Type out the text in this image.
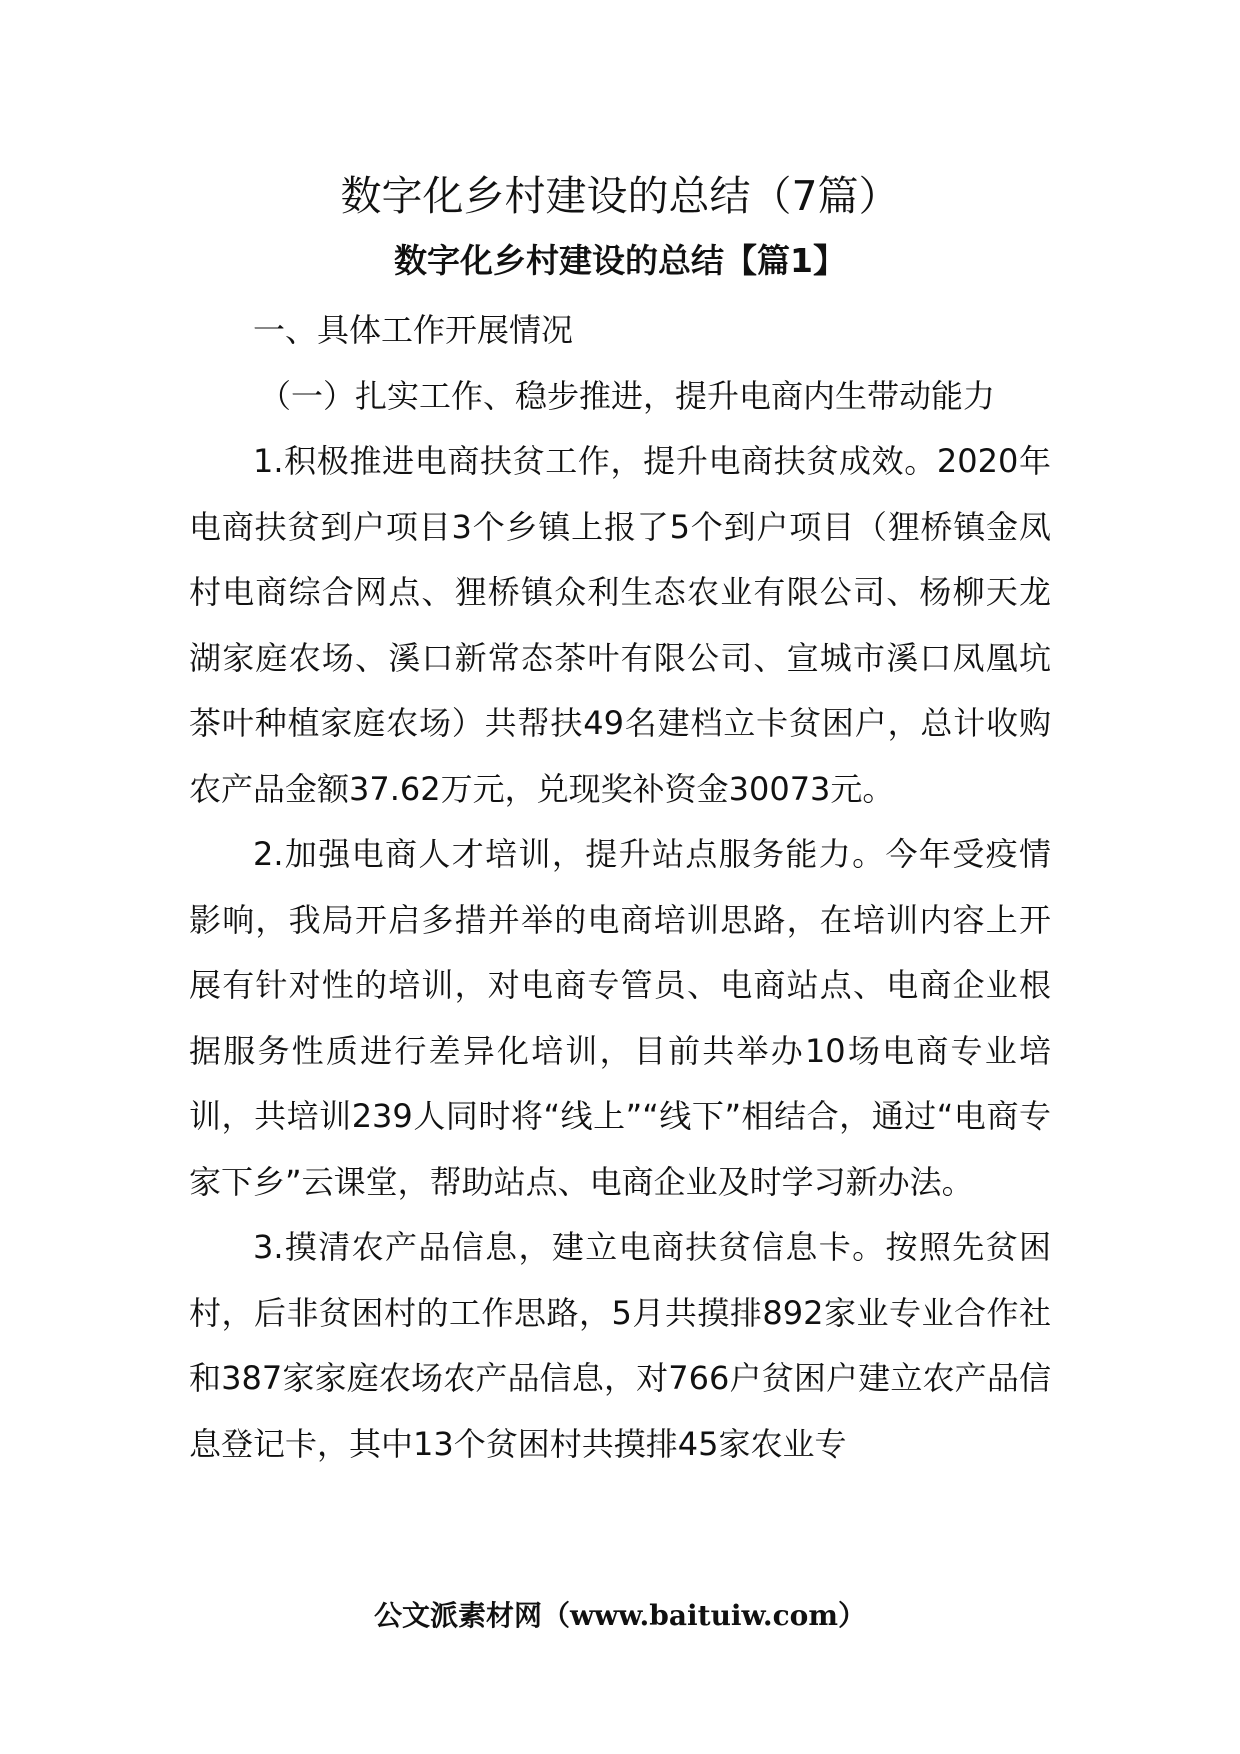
数字化乡村建设的总结（7篇）
数字化乡村建设的总结【篇1】

一、具体工作开展情况

（一）扎实工作、稳步推进，提升电商内生带动能力

1.积极推进电商扶贫工作，提升电商扶贫成效。2020年电商扶贫到户项目3个乡镇上报了5个到户项目（狸桥镇金凤村电商综合网点、狸桥镇众利生态农业有限公司、杨柳天龙湖家庭农场、溪口新常态茶叶有限公司、宣城市溪口凤凰坑茶叶种植家庭农场）共帮扶49名建档立卡贫困户，总计收购农产品金额37.62万元，兑现奖补资金30073元。

2.加强电商人才培训，提升站点服务能力。今年受疫情影响，我局开启多措并举的电商培训思路，在培训内容上开展有针对性的培训，对电商专管员、电商站点、电商企业根据服务性质进行差异化培训，目前共举办10场电商专业培训，共培训239人同时将“线上”“线下”相结合，通过“电商专家下乡”云课堂，帮助站点、电商企业及时学习新办法。

3.摸清农产品信息，建立电商扶贫信息卡。按照先贫困村，后非贫困村的工作思路，5月共摸排892家业专业合作社和387家家庭农场农产品信息，对766户贫困户建立农产品信息登记卡，其中13个贫困村共摸排45家农业专

公文派素材网（www.baituiw.com）
